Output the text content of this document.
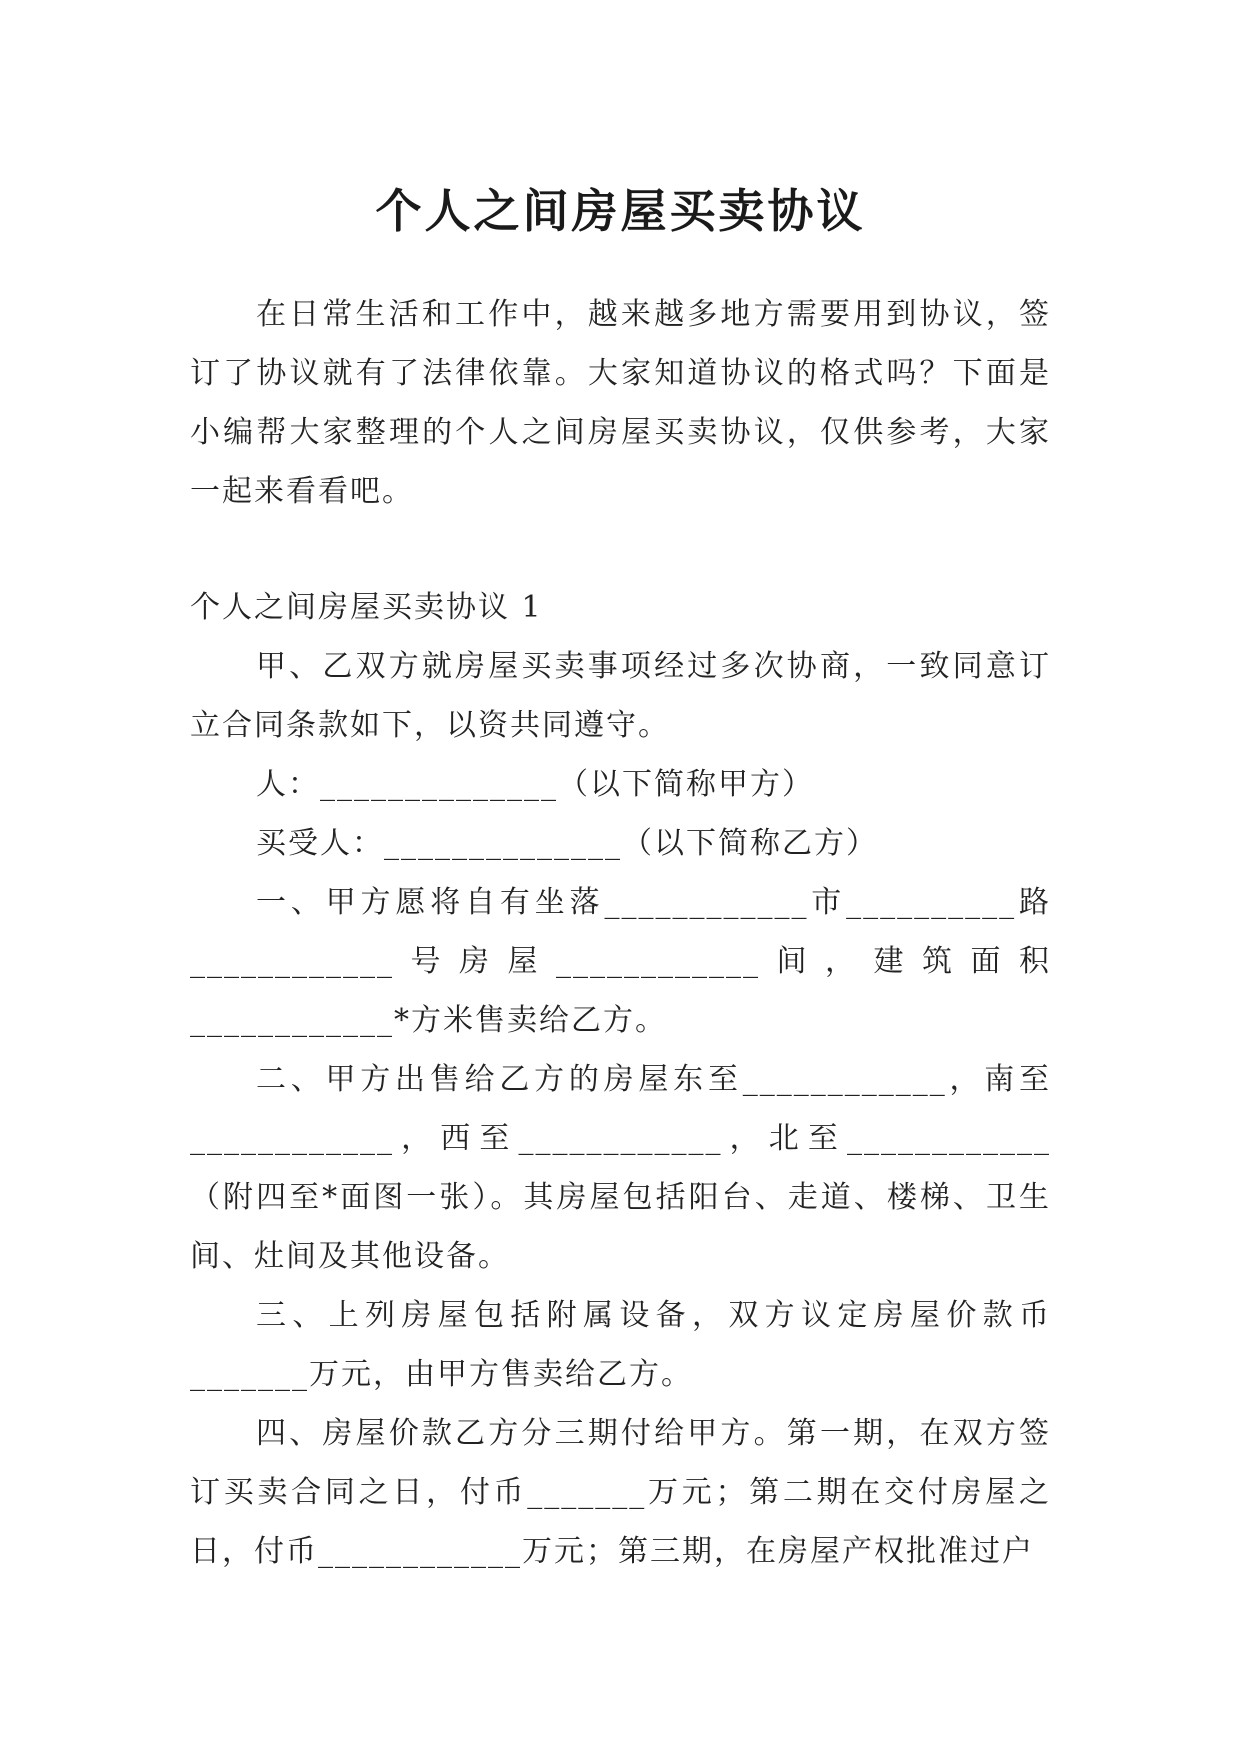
个人之间房屋买卖协议

在日常生活和工作中，越来越多地方需要用到协议，签订了协议就有了法律依靠。大家知道协议的格式吗？下面是小编帮大家整理的个人之间房屋买卖协议，仅供参考，大家一起来看看吧。

个人之间房屋买卖协议 1

甲、乙双方就房屋买卖事项经过多次协商，一致同意订立合同条款如下，以资共同遵守。

人：______________（以下简称甲方）

买受人：______________（以下简称乙方）

一、甲方愿将自有坐落____________市__________路____________号房屋____________间，建筑面积____________*方米售卖给乙方。

二、甲方出售给乙方的房屋东至____________，南至____________，西至____________，北至____________（附四至*面图一张）。其房屋包括阳台、走道、楼梯、卫生间、灶间及其他设备。

三、上列房屋包括附属设备，双方议定房屋价款币_______万元，由甲方售卖给乙方。

四、房屋价款乙方分三期付给甲方。第一期，在双方签订买卖合同之日，付币_______万元；第二期在交付房屋之日，付币____________万元；第三期，在房屋产权批准过户
